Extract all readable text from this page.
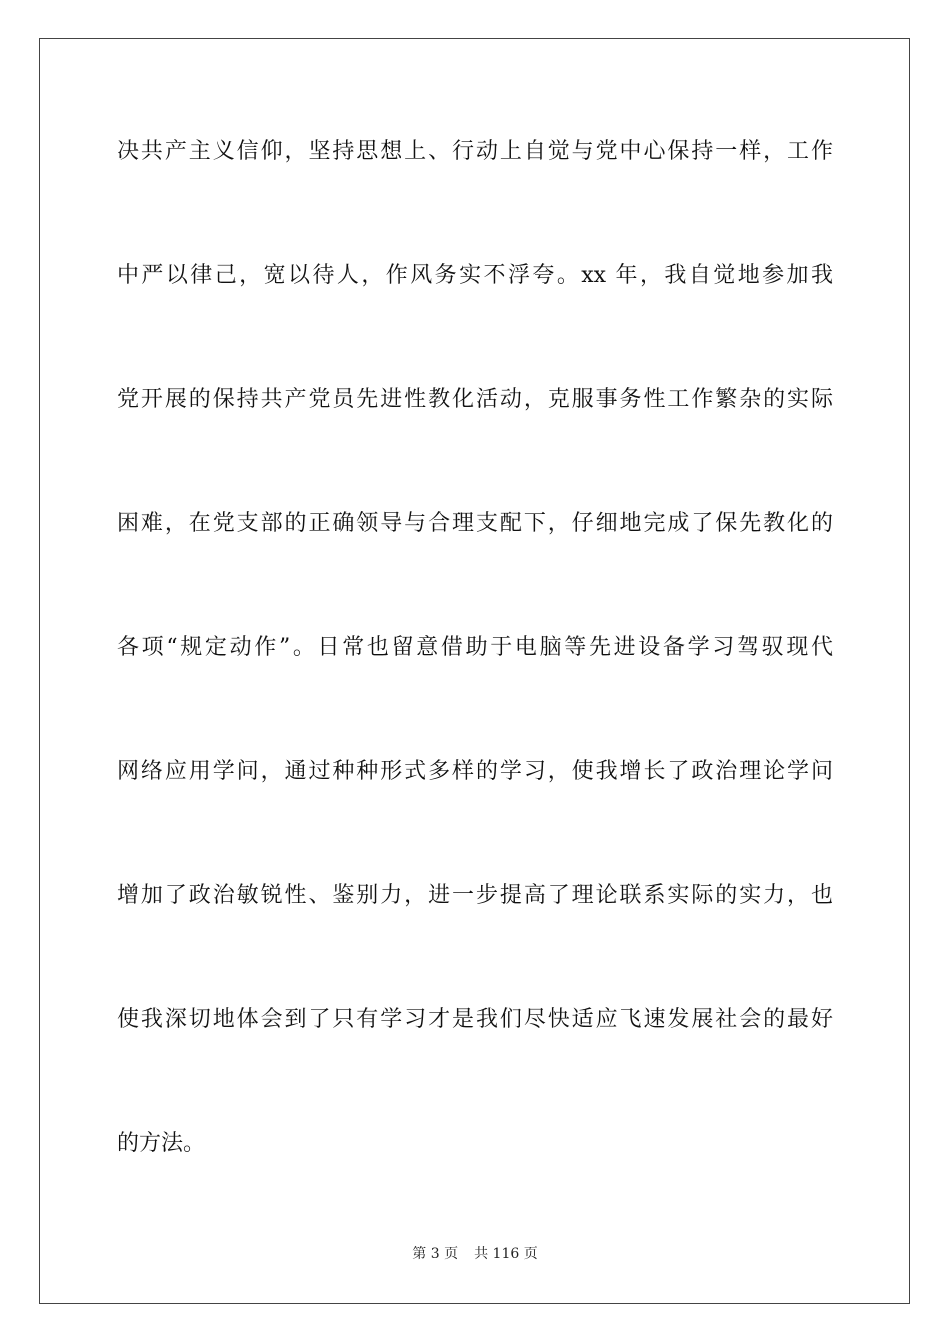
决共产主义信仰，坚持思想上、行动上自觉与党中心保持一样，工作
中严以律己，宽以待人，作风务实不浮夸。xx 年，我自觉地参加我
党开展的保持共产党员先进性教化活动，克服事务性工作繁杂的实际
困难，在党支部的正确领导与合理支配下，仔细地完成了保先教化的
各项“规定动作”。日常也留意借助于电脑等先进设备学习驾驭现代
网络应用学问，通过种种形式多样的学习，使我增长了政治理论学问
增加了政治敏锐性、鉴别力，进一步提高了理论联系实际的实力，也
使我深切地体会到了只有学习才是我们尽快适应飞速发展社会的最好
的方法。
第 3 页 共 116 页
